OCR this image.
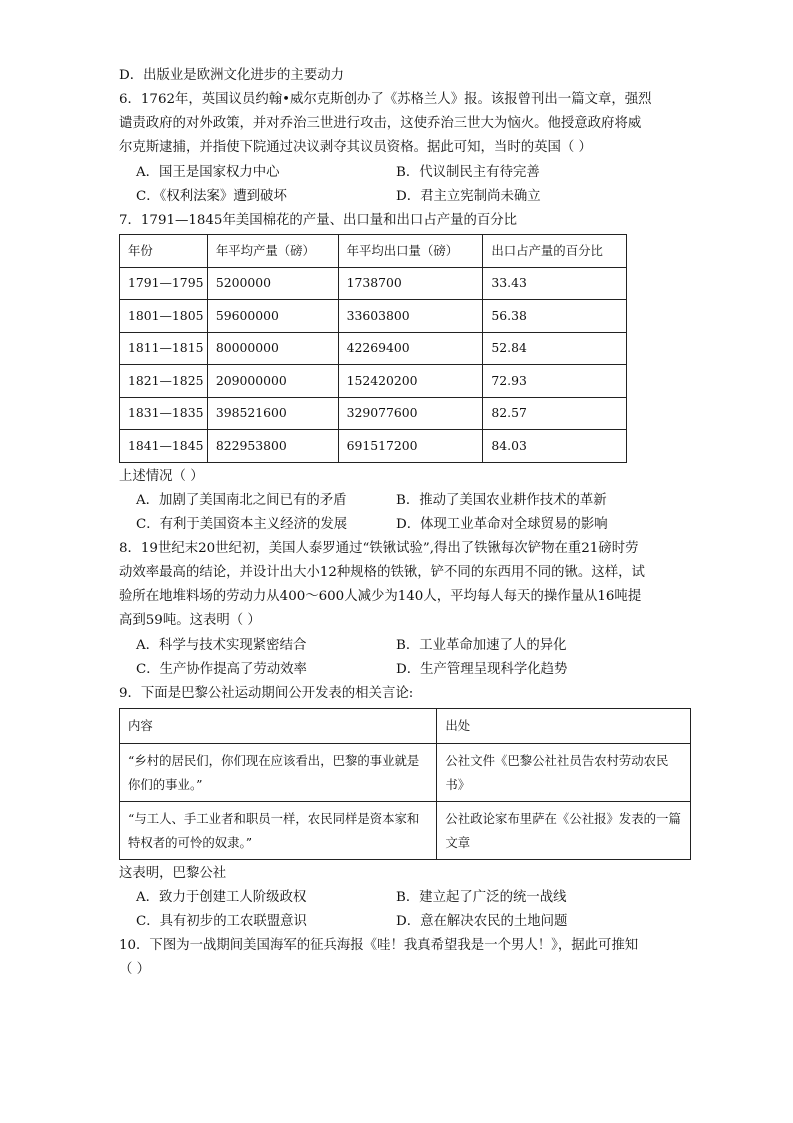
D．出版业是欧洲文化进步的主要动力
6．1762年，英国议员约翰•威尔克斯创办了《苏格兰人》报。该报曾刊出一篇文章，强烈
谴责政府的对外政策，并对乔治三世进行攻击，这使乔治三世大为恼火。他授意政府将威
尔克斯逮捕，并指使下院通过决议剥夺其议员资格。据此可知，当时的英国（ ）
A．国王是国家权力中心	B．代议制民主有待完善
C．《权利法案》遭到破坏	D．君主立宪制尚未确立
7．1791—1845年美国棉花的产量、出口量和出口占产量的百分比
年份	年平均产量（磅）	年平均出口量（磅）	出口占产量的百分比
1791—1795	5200000	1738700	33.43
1801—1805	59600000	33603800	56.38
1811—1815	80000000	42269400	52.84
1821—1825	209000000	152420200	72.93
1831—1835	398521600	329077600	82.57
1841—1845	822953800	691517200	84.03
上述情况（ ）
A．加剧了美国南北之间已有的矛盾	B．推动了美国农业耕作技术的革新
C．有利于美国资本主义经济的发展	D．体现工业革命对全球贸易的影响
8．19世纪末20世纪初，美国人泰罗通过“铁锹试验”,得出了铁锹每次铲物在重21磅时劳
动效率最高的结论，并设计出大小12种规格的铁锹，铲不同的东西用不同的锹。这样，试
验所在地堆料场的劳动力从400～600人减少为140人，平均每人每天的操作量从16吨提
高到59吨。这表明（ ）
A．科学与技术实现紧密结合	B．工业革命加速了人的异化
C．生产协作提高了劳动效率	D．生产管理呈现科学化趋势
9．下面是巴黎公社运动期间公开发表的相关言论:
内容	出处
“乡村的居民们，你们现在应该看出，巴黎的事业就是你们的事业。”	公社文件《巴黎公社社员告农村劳动农民书》
“与工人、手工业者和职员一样，农民同样是资本家和特权者的可怜的奴隶。”	公社政论家布里萨在《公社报》发表的一篇文章
这表明，巴黎公社
A．致力于创建工人阶级政权	B．建立起了广泛的统一战线
C．具有初步的工农联盟意识	D．意在解决农民的土地问题
10．下图为一战期间美国海军的征兵海报《哇！我真希望我是一个男人！》，据此可推知
（ ）
